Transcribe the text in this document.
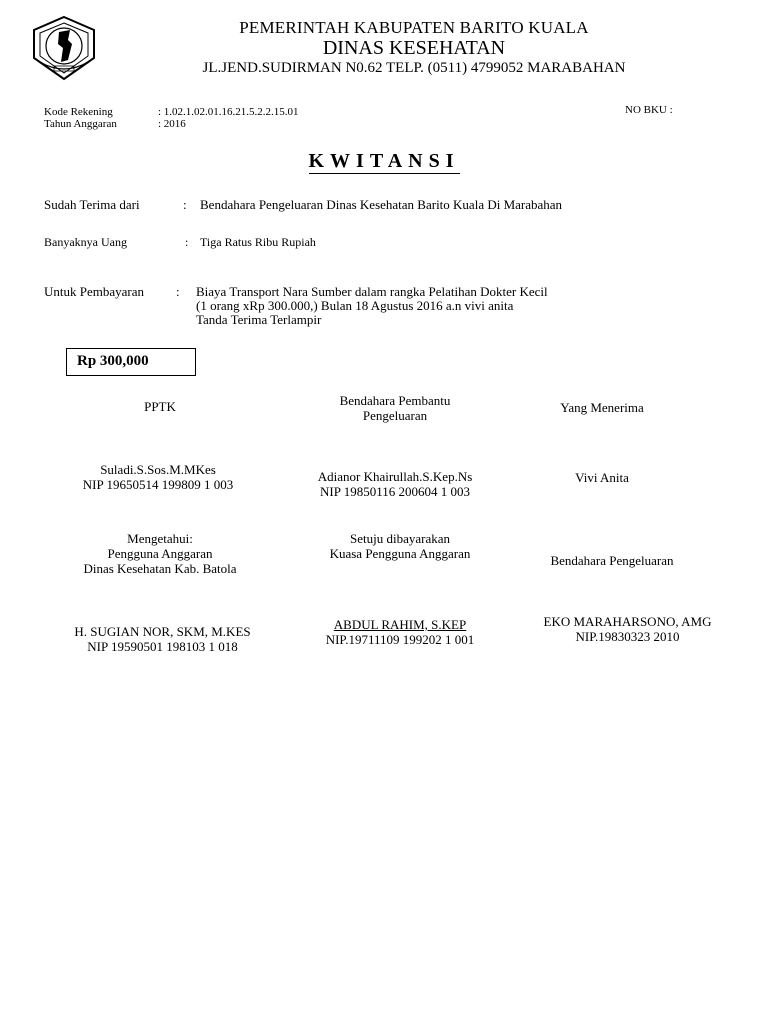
PEMERINTAH KABUPATEN BARITO KUALA
DINAS KESEHATAN
JL.JEND.SUDIRMAN N0.62 TELP. (0511) 4799052 MARABAHAN
Kode Rekening	: 1.02.1.02.01.16.21.5.2.2.15.01
Tahun Anggaran	: 2016
NO BKU :
KWITANSI
Sudah Terima dari	: Bendahara Pengeluaran Dinas Kesehatan Barito Kuala Di Marabahan
Banyaknya Uang	: Tiga Ratus Ribu Rupiah
Untuk Pembayaran : Biaya Transport Nara Sumber dalam rangka Pelatihan Dokter Kecil
(1 orang xRp 300.000,) Bulan 18 Agustus 2016 a.n vivi anita
Tanda Terima Terlampir
Rp 300,000
PPTK	Bendahara Pembantu
Pengeluaran
Yang Menerima
Suladi.S.Sos.M.MKes
NIP 19650514 199809 1 003
Adianor Khairullah.S.Kep.Ns
NIP 19850116 200604 1 003
Vivi Anita
Mengetahui:
Pengguna Anggaran
Dinas Kesehatan Kab. Batola
Setuju dibayarakan
Kuasa Pengguna Anggaran	Bendahara Pengeluaran
H. SUGIAN NOR, SKM, M.KES
NIP 19590501 198103 1 018
ABDUL RAHIM, S.KEP
NIP.19711109 199202 1 001
EKO MARAHARSONO, AMG
NIP.19830323 2010
